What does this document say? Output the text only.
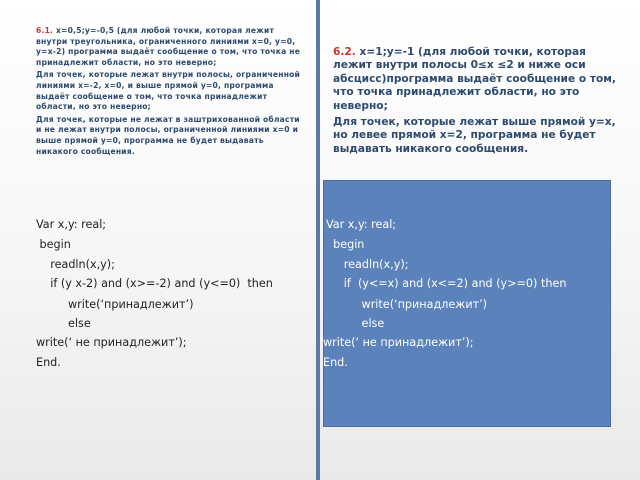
6.1. x=0,5;y=-0,5 (для любой точки, которая лежит внутри треугольника, ограниченного линиями x=0, y=0, y=x-2) программа выдаёт сообщение о том, что точка не принадлежит области, но это неверно;

Для точек, которые лежат внутри полосы, ограниченной линиями x=-2, x=0, и выше прямой y=0, программа выдаёт сообщение о том, что точка принадлежит области, но это неверно;

Для точек, которые не лежат в заштрихованной области и не лежат внутри полосы, ограниченной линиями x=0 и выше прямой y=0, программа не будет выдавать никакого сообщения.

6.2. x=1;y=-1 (для любой точки, которая лежит внутри полосы 0≤x ≤2 и ниже оси абсцисс)программа выдаёт сообщение о том, что точка принадлежит области, но это неверно;

Для точек, которые лежат выше прямой y=x, но левее прямой x=2, программа не будет выдавать никакого сообщения.

Var x,y: real;
begin
readln(x,y);
if (y x-2) and (x>=-2) and (y<=0)  then
write(‘принадлежит’)
else
write(‘ не принадлежит’);
End.
Var x,y: real;
begin
readln(x,y);
if  (y<=x) and (x<=2) and (y>=0) then
write(‘принадлежит’)
else
write(‘ не принадлежит’);
End.
